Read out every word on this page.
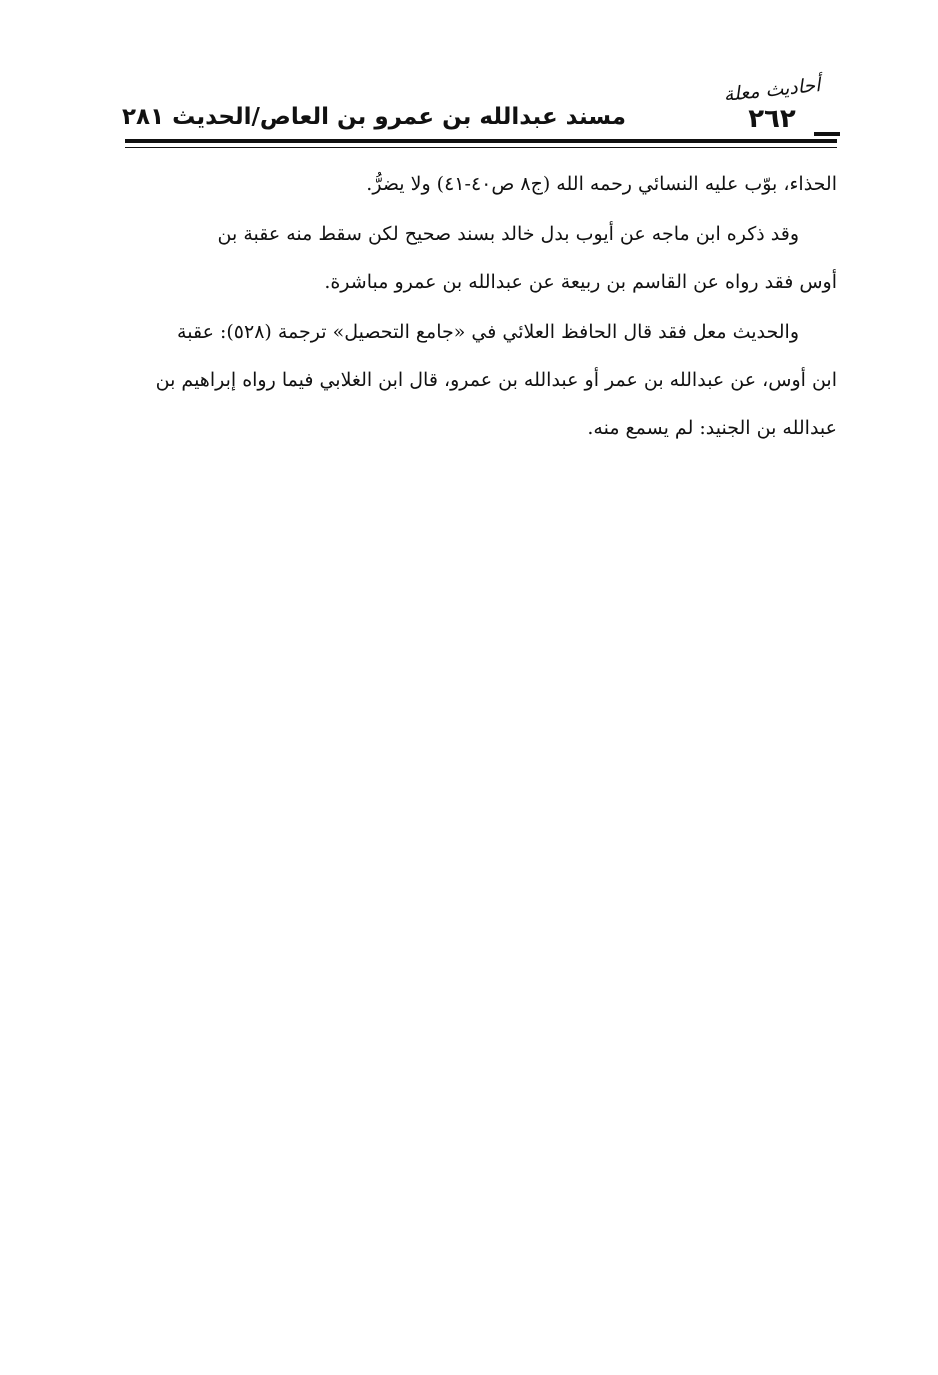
أحاديث معلة
٢٦٢
مسند عبدالله بن عمرو بن العاص/الحديث ٢٨١

الحذاء، بوّب عليه النسائي رحمه الله (ج٨ ص٤٠-٤١) ولا يضرُّ.

وقد ذكره ابن ماجه عن أيوب بدل خالد بسند صحيح لكن سقط منه عقبة بن
أوس فقد رواه عن القاسم بن ربيعة عن عبدالله بن عمرو مباشرة.

والحديث معل فقد قال الحافظ العلائي في «جامع التحصيل» ترجمة (٥٢٨): عقبة
ابن أوس، عن عبدالله بن عمر أو عبدالله بن عمرو، قال ابن الغلابي فيما رواه إبراهيم بن
عبدالله بن الجنيد: لم يسمع منه.
